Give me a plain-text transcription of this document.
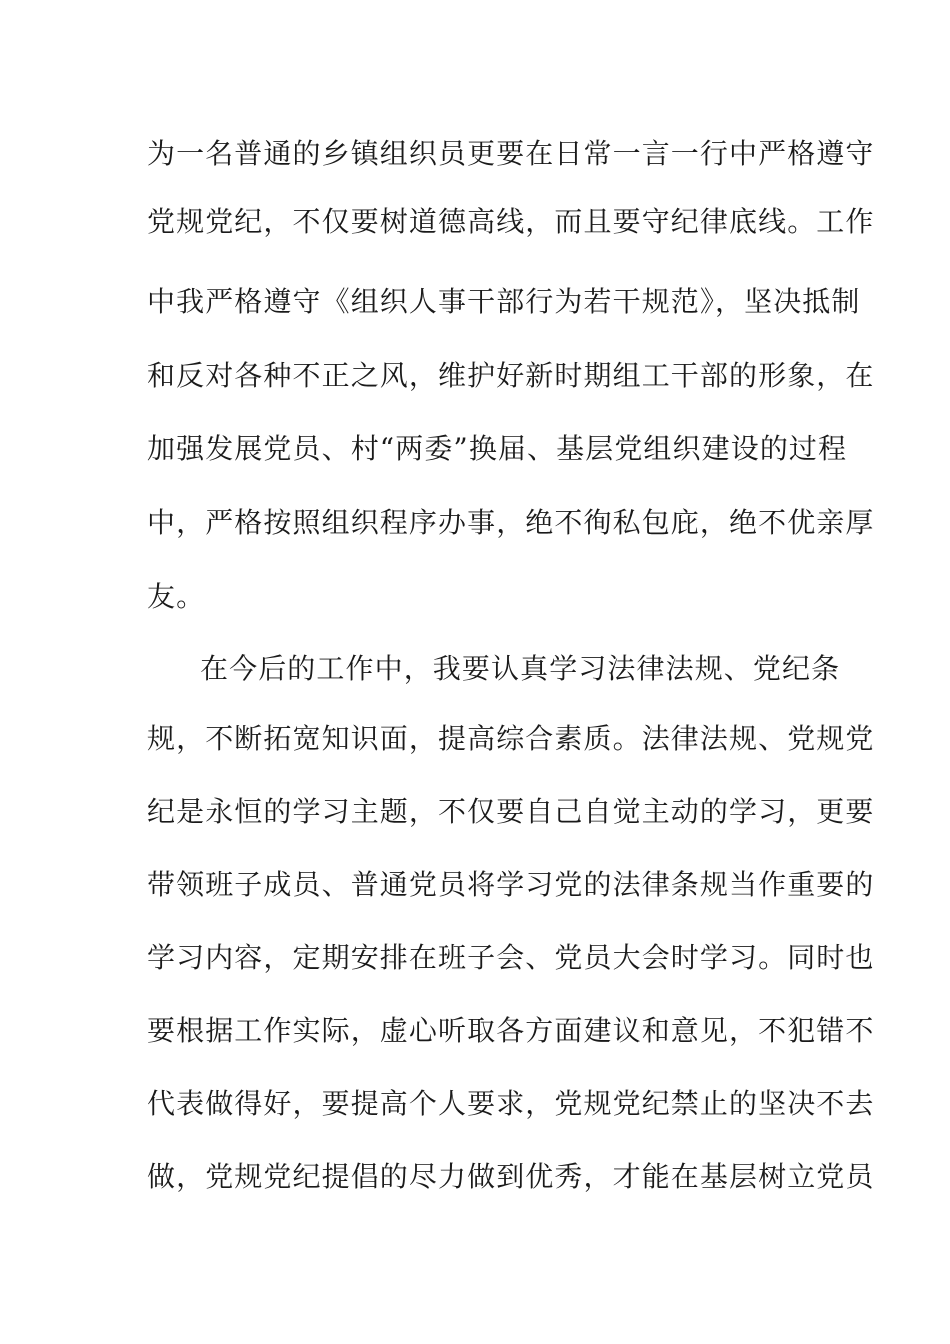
为一名普通的乡镇组织员更要在日常一言一行中严格遵守
党规党纪，不仅要树道德高线，而且要守纪律底线。工作
中我严格遵守《组织人事干部行为若干规范》，坚决抵制
和反对各种不正之风，维护好新时期组工干部的形象，在
加强发展党员、村“两委”换届、基层党组织建设的过程
中，严格按照组织程序办事，绝不徇私包庇，绝不优亲厚
友。
在今后的工作中，我要认真学习法律法规、党纪条
规，不断拓宽知识面，提高综合素质。法律法规、党规党
纪是永恒的学习主题，不仅要自己自觉主动的学习，更要
带领班子成员、普通党员将学习党的法律条规当作重要的
学习内容，定期安排在班子会、党员大会时学习。同时也
要根据工作实际，虚心听取各方面建议和意见，不犯错不
代表做得好，要提高个人要求，党规党纪禁止的坚决不去
做，党规党纪提倡的尽力做到优秀，才能在基层树立党员
